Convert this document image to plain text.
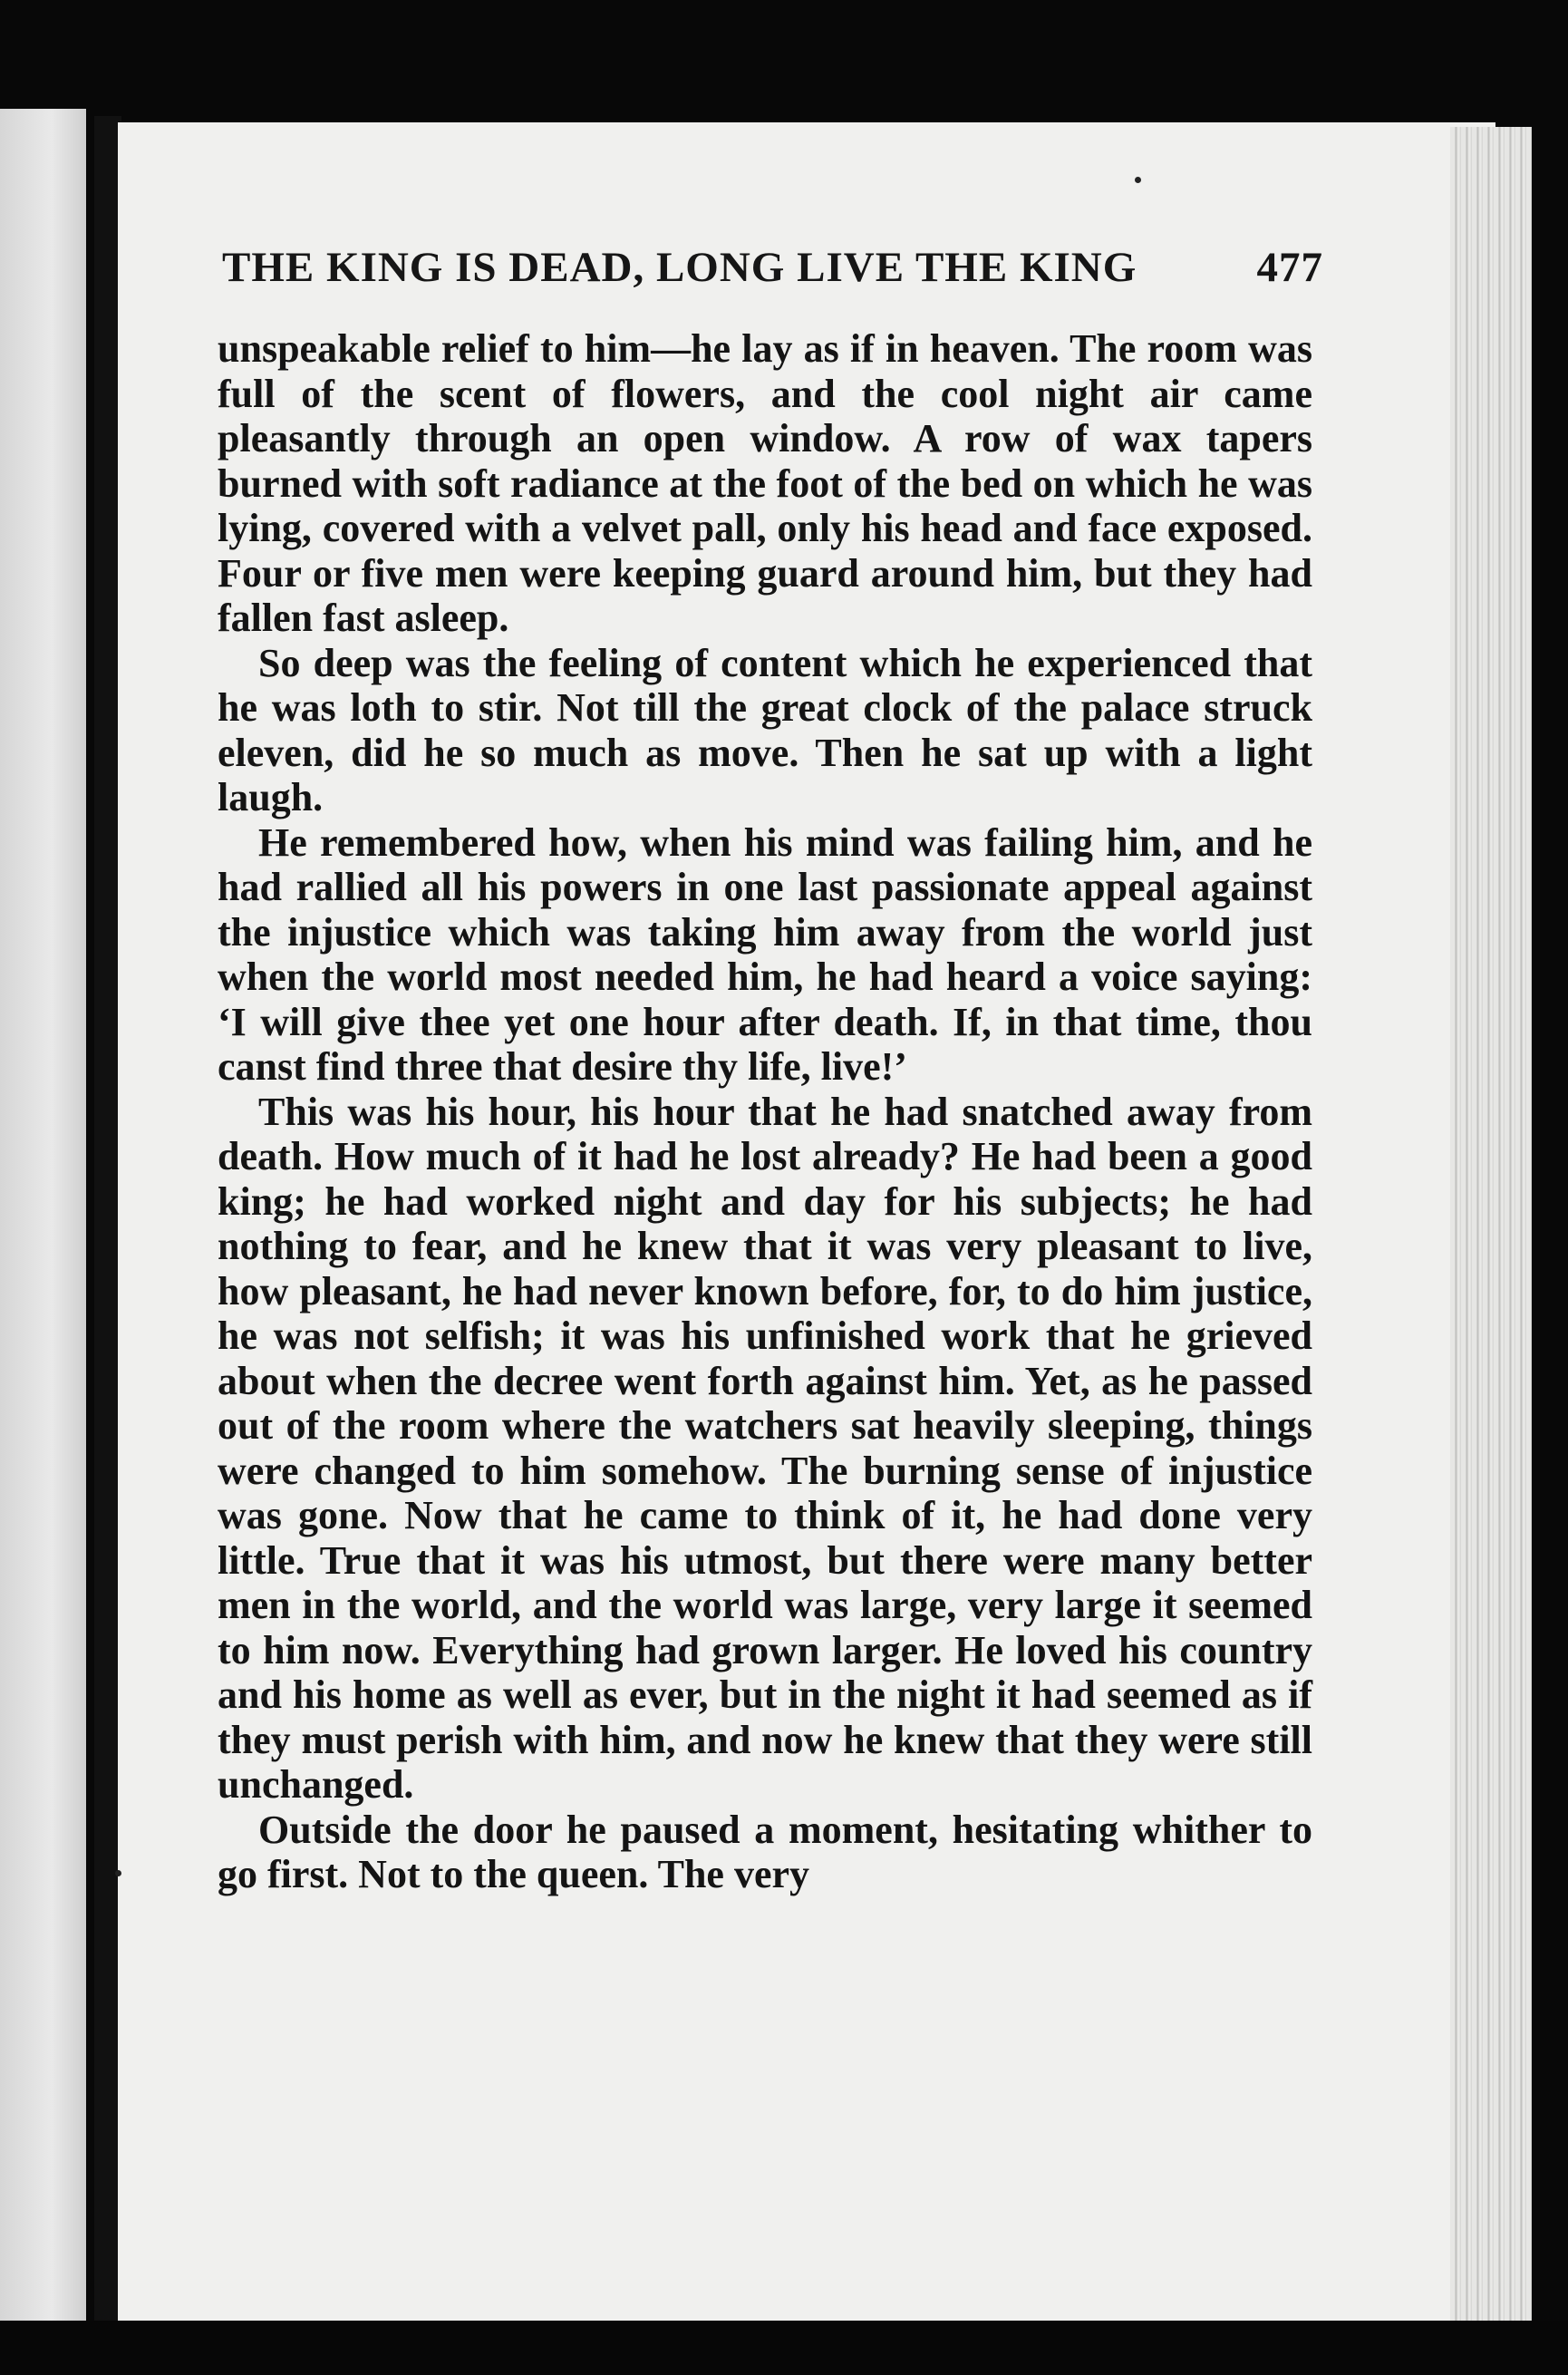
THE KING IS DEAD, LONG LIVE THE KING	477

unspeakable relief to him—he lay as if in heaven. The room was full of the scent of flowers, and the cool night air came pleasantly through an open window. A row of wax tapers burned with soft radiance at the foot of the bed on which he was lying, covered with a velvet pall, only his head and face exposed. Four or five men were keeping guard around him, but they had fallen fast asleep.

So deep was the feeling of content which he experienced that he was loth to stir. Not till the great clock of the palace struck eleven, did he so much as move. Then he sat up with a light laugh.

He remembered how, when his mind was failing him, and he had rallied all his powers in one last passionate appeal against the injustice which was taking him away from the world just when the world most needed him, he had heard a voice saying: ‘I will give thee yet one hour after death. If, in that time, thou canst find three that desire thy life, live!’

This was his hour, his hour that he had snatched away from death. How much of it had he lost already? He had been a good king; he had worked night and day for his subjects; he had nothing to fear, and he knew that it was very pleasant to live, how pleasant, he had never known before, for, to do him justice, he was not selfish; it was his unfinished work that he grieved about when the decree went forth against him. Yet, as he passed out of the room where the watchers sat heavily sleeping, things were changed to him somehow. The burning sense of injustice was gone. Now that he came to think of it, he had done very little. True that it was his utmost, but there were many better men in the world, and the world was large, very large it seemed to him now. Everything had grown larger. He loved his country and his home as well as ever, but in the night it had seemed as if they must perish with him, and now he knew that they were still unchanged.

Outside the door he paused a moment, hesitating whither to go first. Not to the queen. The very
